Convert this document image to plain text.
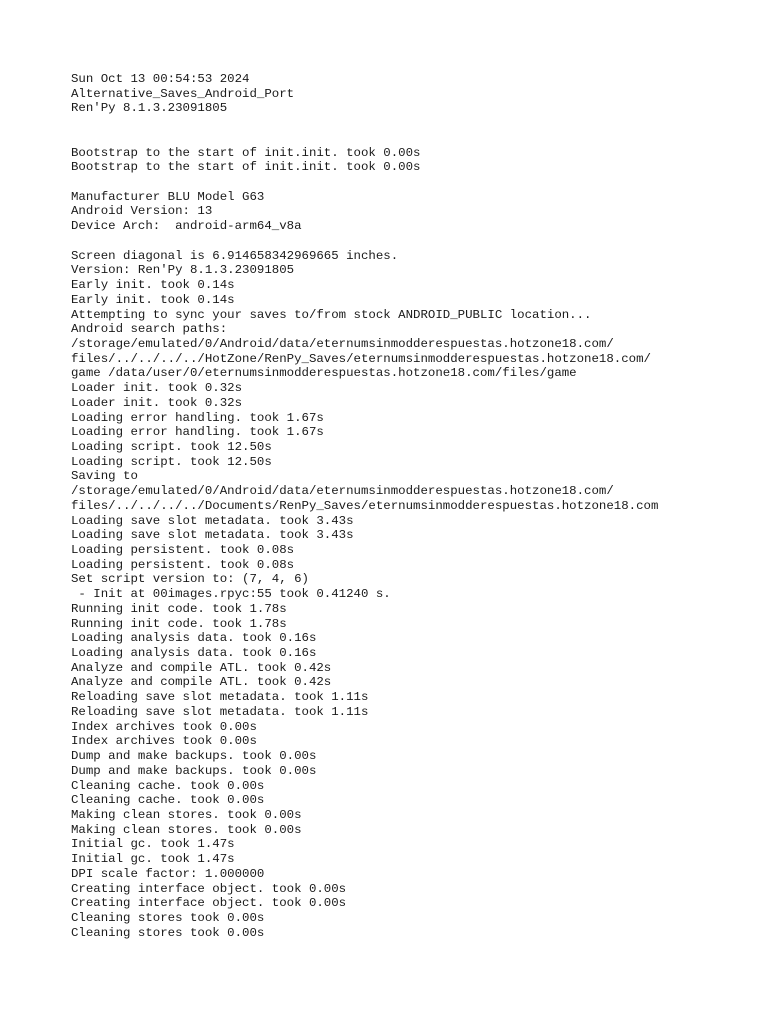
Sun Oct 13 00:54:53 2024
Alternative_Saves_Android_Port
Ren'Py 8.1.3.23091805
Bootstrap to the start of init.init. took 0.00s
Bootstrap to the start of init.init. took 0.00s
Manufacturer BLU Model G63
Android Version: 13
Device Arch:  android-arm64_v8a
Screen diagonal is 6.914658342969665 inches.
Version: Ren'Py 8.1.3.23091805
Early init. took 0.14s
Early init. took 0.14s
Attempting to sync your saves to/from stock ANDROID_PUBLIC location...
Android search paths:
/storage/emulated/0/Android/data/eternumsinmodderespuestas.hotzone18.com/
files/../../../../HotZone/RenPy_Saves/eternumsinmodderespuestas.hotzone18.com/
game /data/user/0/eternumsinmodderespuestas.hotzone18.com/files/game
Loader init. took 0.32s
Loader init. took 0.32s
Loading error handling. took 1.67s
Loading error handling. took 1.67s
Loading script. took 12.50s
Loading script. took 12.50s
Saving to
/storage/emulated/0/Android/data/eternumsinmodderespuestas.hotzone18.com/
files/../../../../Documents/RenPy_Saves/eternumsinmodderespuestas.hotzone18.com
Loading save slot metadata. took 3.43s
Loading save slot metadata. took 3.43s
Loading persistent. took 0.08s
Loading persistent. took 0.08s
Set script version to: (7, 4, 6)
- Init at 00images.rpyc:55 took 0.41240 s.
Running init code. took 1.78s
Running init code. took 1.78s
Loading analysis data. took 0.16s
Loading analysis data. took 0.16s
Analyze and compile ATL. took 0.42s
Analyze and compile ATL. took 0.42s
Reloading save slot metadata. took 1.11s
Reloading save slot metadata. took 1.11s
Index archives took 0.00s
Index archives took 0.00s
Dump and make backups. took 0.00s
Dump and make backups. took 0.00s
Cleaning cache. took 0.00s
Cleaning cache. took 0.00s
Making clean stores. took 0.00s
Making clean stores. took 0.00s
Initial gc. took 1.47s
Initial gc. took 1.47s
DPI scale factor: 1.000000
Creating interface object. took 0.00s
Creating interface object. took 0.00s
Cleaning stores took 0.00s
Cleaning stores took 0.00s
